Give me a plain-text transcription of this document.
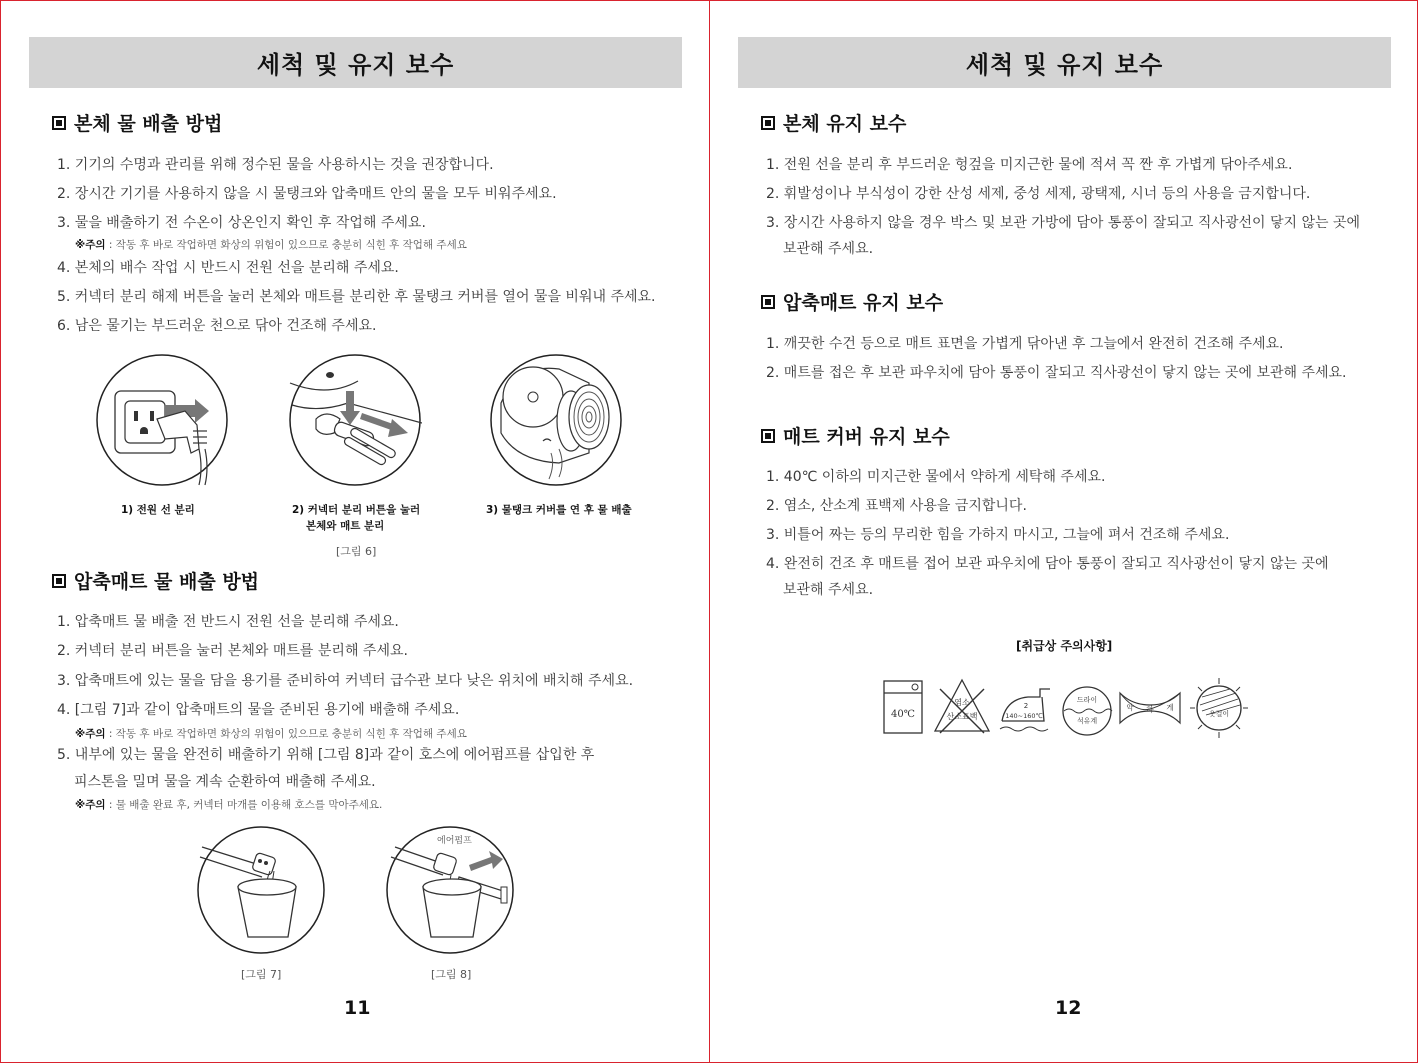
세척 및 유지 보수
본체 물 배출 방법
1. 기기의 수명과 관리를 위해 정수된 물을 사용하시는 것을 권장합니다.
2. 장시간 기기를 사용하지 않을 시 물탱크와 압축매트 안의 물을 모두 비워주세요.
3. 물을 배출하기 전 수온이 상온인지 확인 후 작업해 주세요.
※주의 : 작동 후 바로 작업하면 화상의 위험이 있으므로 충분히 식힌 후 작업해 주세요
4. 본체의 배수 작업 시 반드시 전원 선을 분리해 주세요.
5. 커넥터 분리 해제 버튼을 눌러 본체와 매트를 분리한 후 물탱크 커버를 열어 물을 비워내 주세요.
6. 남은 물기는 부드러운 천으로 닦아 건조해 주세요.
1) 전원 선 분리	2) 커넥터 분리 버튼을 눌러
본체와 매트 분리
3) 물탱크 커버를 연 후 물 배출
[그림 6]
압축매트 물 배출 방법
1. 압축매트 물 배출 전 반드시 전원 선을 분리해 주세요.
2. 커넥터 분리 버튼을 눌러 본체와 매트를 분리해 주세요.
3. 압축매트에 있는 물을 담을 용기를 준비하여 커넥터 급수관 보다 낮은 위치에 배치해 주세요.
4. [그림 7]과 같이 압축매트의 물을 준비된 용기에 배출해 주세요.
※주의 : 작동 후 바로 작업하면 화상의 위험이 있으므로 충분히 식힌 후 작업해 주세요
5. 내부에 있는 물을 완전히 배출하기 위해 [그림 8]과 같이 호스에 에어펌프를 삽입한 후
피스톤을 밀며 물을 계속 순환하여 배출해 주세요.
※주의 : 물 배출 완료 후, 커넥터 마개를 이용해 호스를 막아주세요.
에어펌프
[그림 7]	[그림 8]
11
세척 및 유지 보수
본체 유지 보수
1. 전원 선을 분리 후 부드러운 헝겊을 미지근한 물에 적셔 꼭 짠 후 가볍게 닦아주세요.
2. 휘발성이나 부식성이 강한 산성 세제, 중성 세제, 광택제, 시너 등의 사용을 금지합니다.
3. 장시간 사용하지 않을 경우 박스 및 보관 가방에 담아 통풍이 잘되고 직사광선이 닿지 않는 곳에
보관해 주세요.
압축매트 유지 보수
1. 깨끗한 수건 등으로 매트 표면을 가볍게 닦아낸 후 그늘에서 완전히 건조해 주세요.
2. 매트를 접은 후 보관 파우치에 담아 통풍이 잘되고 직사광선이 닿지 않는 곳에 보관해 주세요.
매트 커버 유지 보수
1. 40℃ 이하의 미지근한 물에서 약하게 세탁해 주세요.
2. 염소, 산소계 표백제 사용을 금지합니다.
3. 비틀어 짜는 등의 무리한 힘을 가하지 마시고, 그늘에 펴서 건조해 주세요.
4. 완전히 건조 후 매트를 접어 보관 파우치에 담아 통풍이 잘되고 직사광선이 닿지 않는 곳에
보관해 주세요.
[취급상 주의사항]
40℃
염소
산소표백
2
140~160℃
드라이
석유계
약 하 게
옷걸이
12
